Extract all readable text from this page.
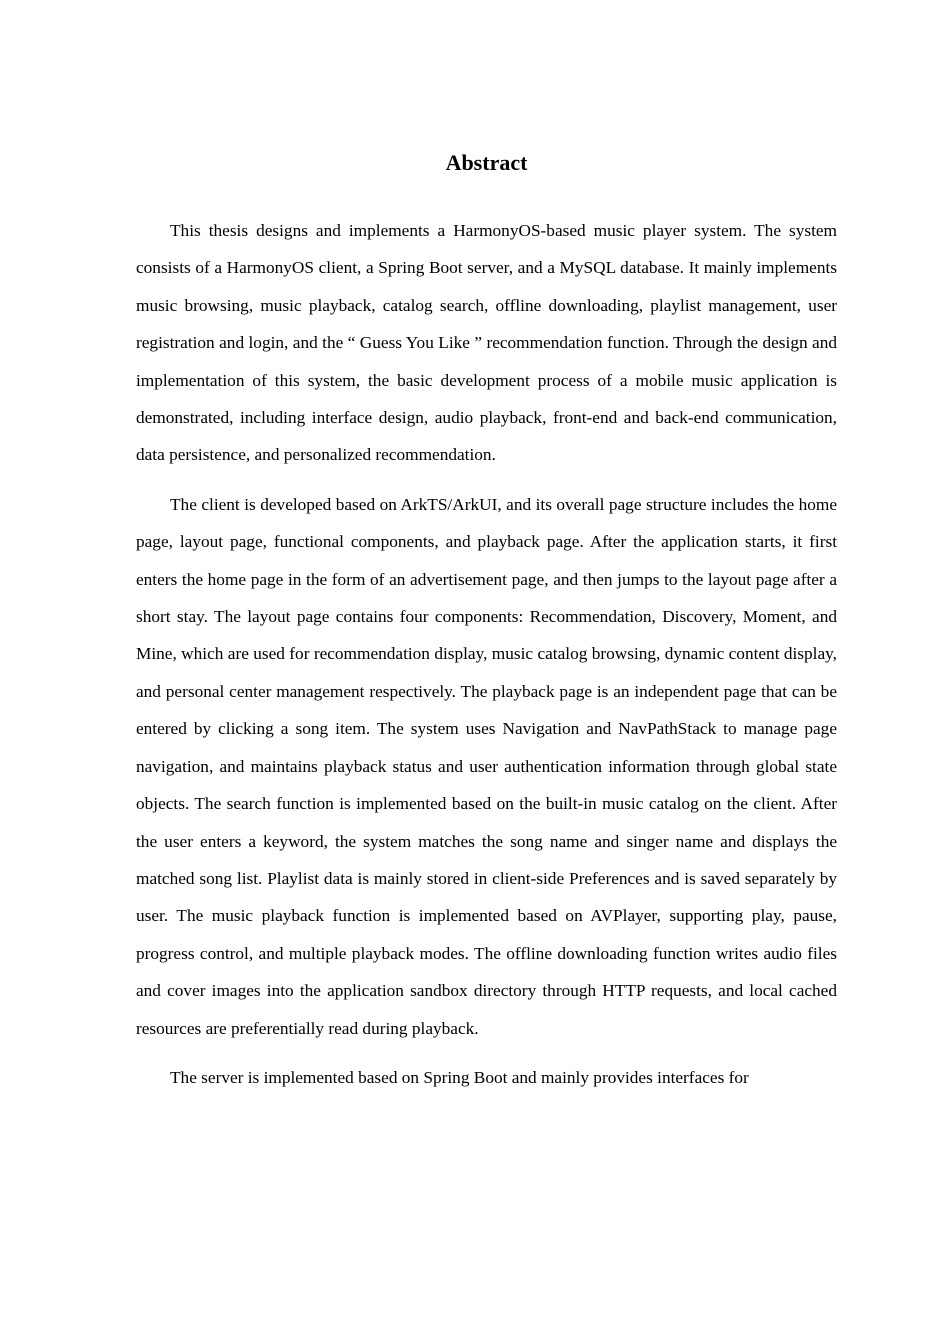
Abstract

This thesis designs and implements a HarmonyOS-based music player system. The system consists of a HarmonyOS client, a Spring Boot server, and a MySQL database. It mainly implements music browsing, music playback, catalog search, offline downloading, playlist management, user registration and login, and the “ Guess You Like ” recommendation function. Through the design and implementation of this system, the basic development process of a mobile music application is demonstrated, including interface design, audio playback, front-end and back-end communication, data persistence, and personalized recommendation.

The client is developed based on ArkTS/ArkUI, and its overall page structure includes the home page, layout page, functional components, and playback page. After the application starts, it first enters the home page in the form of an advertisement page, and then jumps to the layout page after a short stay. The layout page contains four components: Recommendation, Discovery, Moment, and Mine, which are used for recommendation display, music catalog browsing, dynamic content display, and personal center management respectively. The playback page is an independent page that can be entered by clicking a song item. The system uses Navigation and NavPathStack to manage page navigation, and maintains playback status and user authentication information through global state objects. The search function is implemented based on the built-in music catalog on the client. After the user enters a keyword, the system matches the song name and singer name and displays the matched song list. Playlist data is mainly stored in client-side Preferences and is saved separately by user. The music playback function is implemented based on AVPlayer, supporting play, pause, progress control, and multiple playback modes. The offline downloading function writes audio files and cover images into the application sandbox directory through HTTP requests, and local cached resources are preferentially read during playback.

The server is implemented based on Spring Boot and mainly provides interfaces for
